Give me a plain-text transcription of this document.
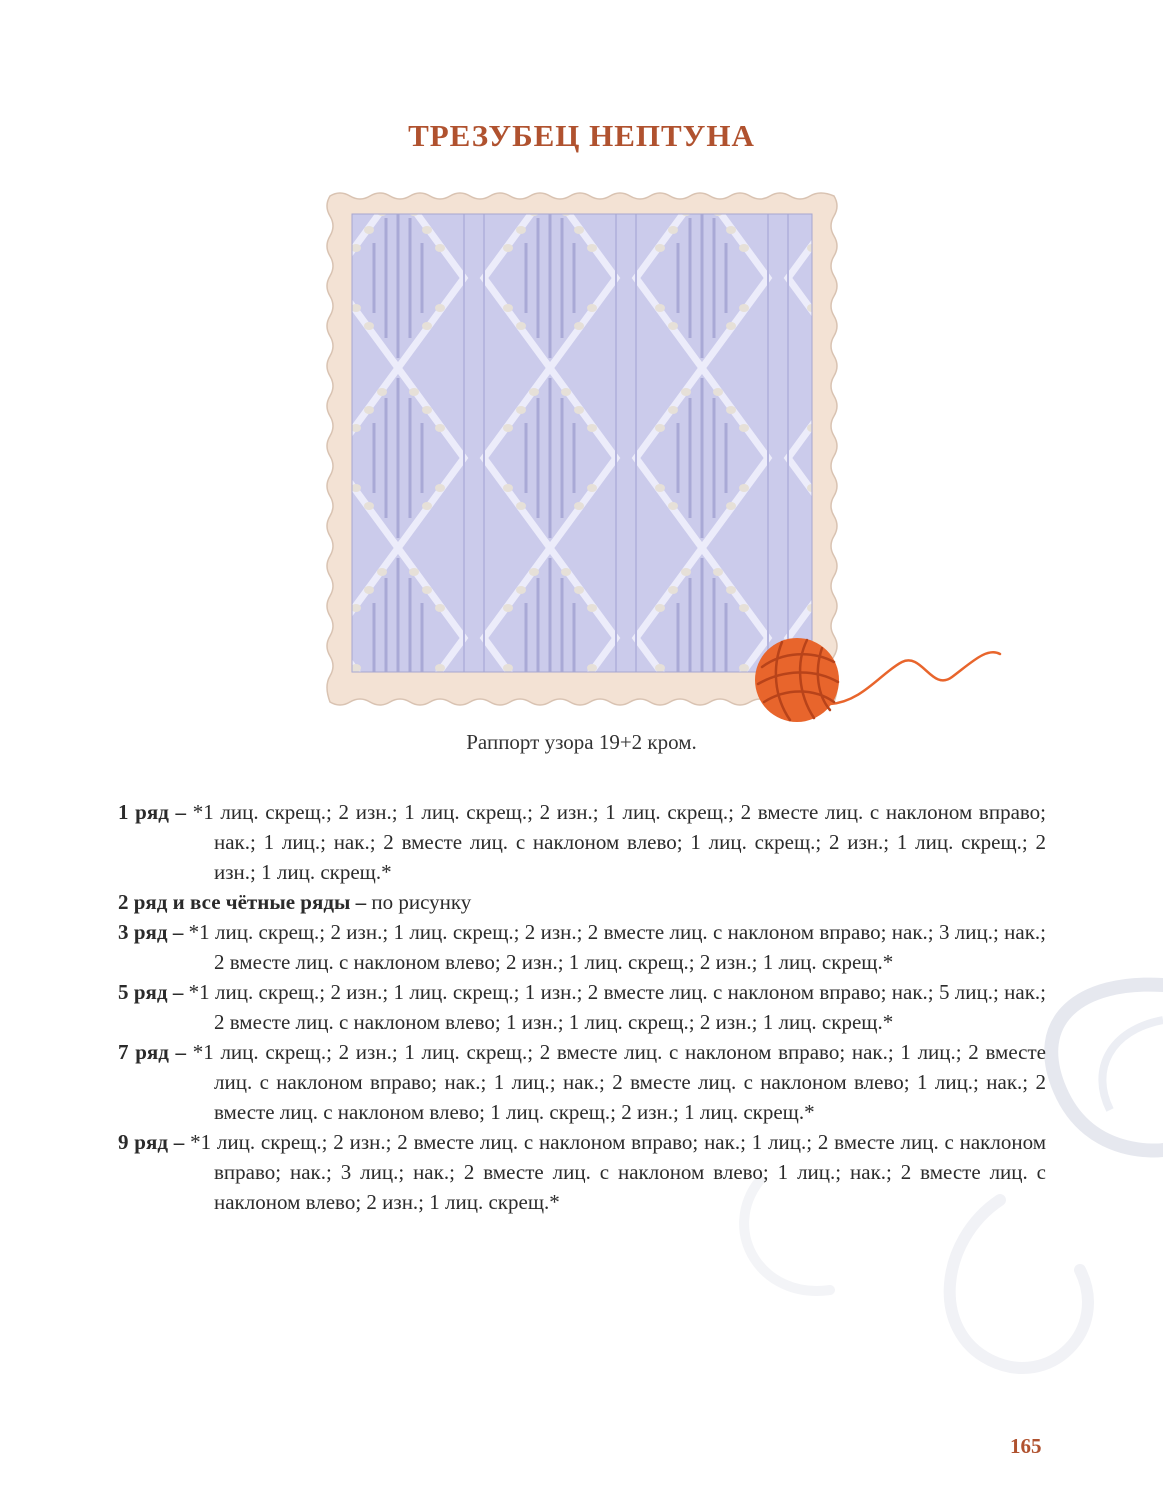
ТРЕЗУБЕЦ НЕПТУНА
Раппорт узора 19+2 кром.

1 ряд – *1 лиц. скрещ.; 2 изн.; 1 лиц. скрещ.; 2 изн.; 1 лиц. скрещ.; 2 вместе лиц. с наклоном вправо; нак.; 1 лиц.; нак.; 2 вместе лиц. с наклоном влево; 1 лиц. скрещ.; 2 изн.; 1 лиц. скрещ.; 2 изн.; 1 лиц. скрещ.*

2 ряд и все чётные ряды – по рисунку

3 ряд – *1 лиц. скрещ.; 2 изн.; 1 лиц. скрещ.; 2 изн.; 2 вместе лиц. с наклоном вправо; нак.; 3 лиц.; нак.; 2 вместе лиц. с наклоном влево; 2 изн.; 1 лиц. скрещ.; 2 изн.; 1 лиц. скрещ.*

5 ряд – *1 лиц. скрещ.; 2 изн.; 1 лиц. скрещ.; 1 изн.; 2 вместе лиц. с наклоном вправо; нак.; 5 лиц.; нак.; 2 вместе лиц. с наклоном влево; 1 изн.; 1 лиц. скрещ.; 2 изн.; 1 лиц. скрещ.*

7 ряд – *1 лиц. скрещ.; 2 изн.; 1 лиц. скрещ.; 2 вместе лиц. с наклоном вправо; нак.; 1 лиц.; 2 вместе лиц. с наклоном вправо; нак.; 1 лиц.; нак.; 2 вместе лиц. с наклоном влево; 1 лиц.; нак.; 2 вместе лиц. с наклоном влево; 1 лиц. скрещ.; 2 изн.; 1 лиц. скрещ.*

9 ряд – *1 лиц. скрещ.; 2 изн.; 2 вместе лиц. с наклоном вправо; нак.; 1 лиц.; 2 вместе лиц. с наклоном вправо; нак.; 3 лиц.; нак.; 2 вместе лиц. с наклоном влево; 1 лиц.; нак.; 2 вместе лиц. с наклоном влево; 2 изн.; 1 лиц. скрещ.*

165
